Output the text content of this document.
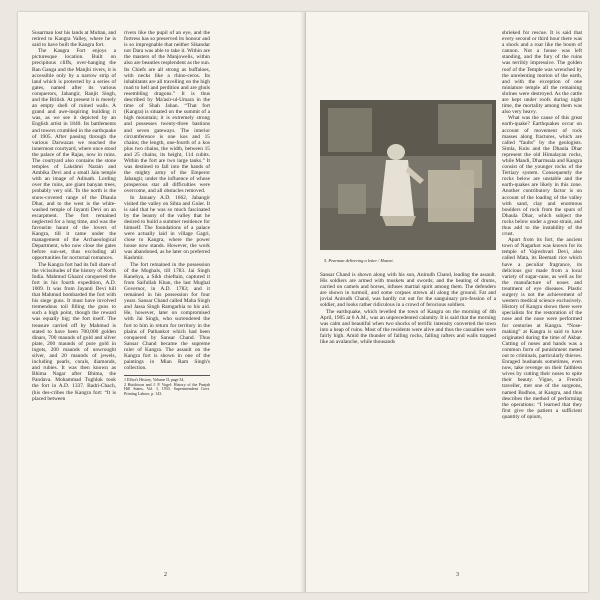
Susarman lost his lands at Multan, and retired to Kangra Valley, where he is said to have built the Kangra fort.

The Kangra Fort enjoys a picturesque location. Built on precipitous cliffs, over-hanging the Ban Ganga and the Manjhi rivers, it is accessible only by a narrow strip of land which is protected by a series of gates, named after its various conquerors, Jahangir, Ranjit Singh, and the British. At present it is merely an empty shell of ruined walls. A grand and awe-inspiring building it was, as we see it depicted by an English artist in 1840. Its battlements and towers crumbled in the earthquake of 1905. After passing through the various Darwazas we reached the innermost courtyard, where once stood the palace of the Rajas, now in ruins. The courtyard also contains the stone temples of Lakshmi Narain and Ambika Devi and a small Jain temple with an image of Adinath. Lording over the ruins, are giant banyan trees, probably very old. To the north is the snow-covered range of the Dhaula Dhar, and to the west is the white-washed temple of Jayanti Devi on an escarpment. The fort remained neglected for a long time, and was the favourite haunt of the lovers of Kangra, till it came under the management of the Archaeological Department, who now close the gates before sun-set, thus excluding all opportunities for nocturnal romances.

The Kangra fort had its full share of the vicissitudes of the history of North India. Mahmud Ghazni conquered the fort in his fourth expedition, A.D. 1009. It was from Jayanti Devi hill that Mahmud bombarded the fort with his siege guns. It must have involved tremendous toil filling the guns to such a high point, though the reward was equally big; the fort itself. The treasure carried off by Mahmud is stated to have been 700,000 golden dinars, 700 maunds of gold and silver plate, 200 maunds of pure gold in ingots, 200 maunds of unwrought silver, and 20 maunds of jewels, including pearls, corals, diamonds, and rubies. It was then known as Bhima Nagar after Bhima, the Pandava. Mohammad Tughluk took the fort in A.D. 1337. Badri-Chach, (his des-cribes the Kangra fort: “It is placed between

rivers like the pupil of an eye, and the fortress has so preserved its honour and is so impregnable that neither Sikandar nor Dara was able to take it. Within are the masters of the Manjowelis, within also are beauties resplendent as the sun. Its Chiefs are all strong as buffaloes, with necks like a rhino-ceros. Its inhabitants are all travelling on the high road to hell and perdition and are ghuls resembling dragons.” It is thus described by Ma'asir-ul-Umara in the time of Shah Jahan. “That fort (Kangra) is situated on the summit of a high mountain; it is extremely strong and possesses twenty-three bastions and seven gateways. The interior circumference is one kos and 15 chains; the length, one-fourth of a kos plus two chains, the width, between 15 and 25 chains, its height, 114 cubits. Within the fort are two large tanks.” It was destined to fall into the hands of the mighty army of the Emperor Jahangir, under the influence of whose prosperous star all difficulties were overcome, and all obstacles removed.

In January A.D. 1662, Jahangir visited the valley on Sihta and Guler. It is said that he was so much fascinated by the beauty of the valley that he desired to build a summer residence for himself. The foundations of a palace were actually laid in village Gagri, close to Kangra, where the power house now stands. However, the work was abandoned, as he later on preferred Kashmir.

The fort remained in the possession of the Mughals, till 1783. Jai Singh Kanehya, a Sikh chieftain, captured it from Saifullah Khan, the last Mughal Governor, in A.D. 1783; and it remained in his possession for four years. Sansar Chand called Maha Singh and Jassa Singh Ramgarhia to his aid. He, however, later on compromised with Jai Singh, who surrendered the fort to him in return for territory in the plains of Pathankot which had been conquered by Sansar Chand. Thus Sansar Chand became the supreme ruler of Kangra. The assault on the Kangra fort is shown in one of the paintings in Mian Ram Singh's collection.

1 Elliot's History, Volume II, page 34.
2 Hutchison and J. P. Vogel: History of the Punjab Hill States, Vol. I, 1933. Superintendent Govt. Printing Lahore, p. 143.
2
5. Pearman delivering a letter / Hazari.

shrieked for rescue. It is said that every second or third hour there was a shock and a roar like the boom of cannon. Not a house was left standing, and the fury of the ruins was terribly impressive. The golden roof of the Temple was wrenched by the unrelenting motion of the earth, and with the exception of one miniature temple all the remaining shrines were destroyed. As the cattle are kept under roofs during night time, the mortality among them was also very heavy.

What was the cause of this great earth-quake? Earthquakes occur on account of movement of rock masses along fractures, which are called “faults” by the geologists. Simla, Kulu and the Dhaula Dhar represent the old Himalayan rocks, while Mandi, Dharmsala and Kangra consist of the younger rocks of the Tertiary system. Consequently the rocks below are unstable and the earth-quakes are likely in this zone. Another contributory factor is on account of the loading of the valley with sand, clay and enormous boulders of rock from the spurs of Dhaula Dhar, which subject the rocks below under a great strain, and thus add to the instability of the crust.

Apart from its fort, the ancient town of Nagarkot was known for its temple of Vajreshvari Devi, also called Mata, its Beemati rice which have a peculiar fragrance, its delicious gur made from a local variety of sugar-cane, as well as for the manufacture of noses and treatment of eye diseases. Plastic surgery is not the achievement of western medical science exclusively. History of Kangra shows there were specialists for the restoration of the nose and the nose were performed for centuries at Kangra. “Nose-making” at Kangra is said to have originated during the time of Akbar. Cutting of noses and hands was a common form of punishment meted out to criminals, particularly thieves. Enraged husbands sometimes, even now, take revenge on their faithless wives by cutting their noses to spite their beauty. Vigne, a French traveller, met one of the surgeons, named Budhoo, at Kangra, and thus describes the method of performing the operations: “I learned that they first give the patient a sufficient quantity of opium,

Sansar Chand is shown along with his son, Anirudh Chand, leading the assault. His soldiers are armed with muskets and swords; and the beating of drums, carried on camels and horses, infuses martial spirit among them. The defenders are shown in turmoil, and some corpses strewn all along the ground. Fat and jovial Anirudh Chand, was hardly cut out for the sanguinary pro-fession of a soldier, and looks rather ridiculous in a crowd of ferocious soldiers.

The earthquake, which levelled the town of Kangra on the morning of 4th April, 1905 at 6 A.M., was an unprecedented calamity. It is said that the morning was calm and beautiful when two shocks of terrific intensity converted the town into a heap of ruins. Most of the residents were alive and thus the casualties were fairly high. Amid the thunder of falling rocks, falling rafters and walls trapped like an avalanche, while thousands

3
